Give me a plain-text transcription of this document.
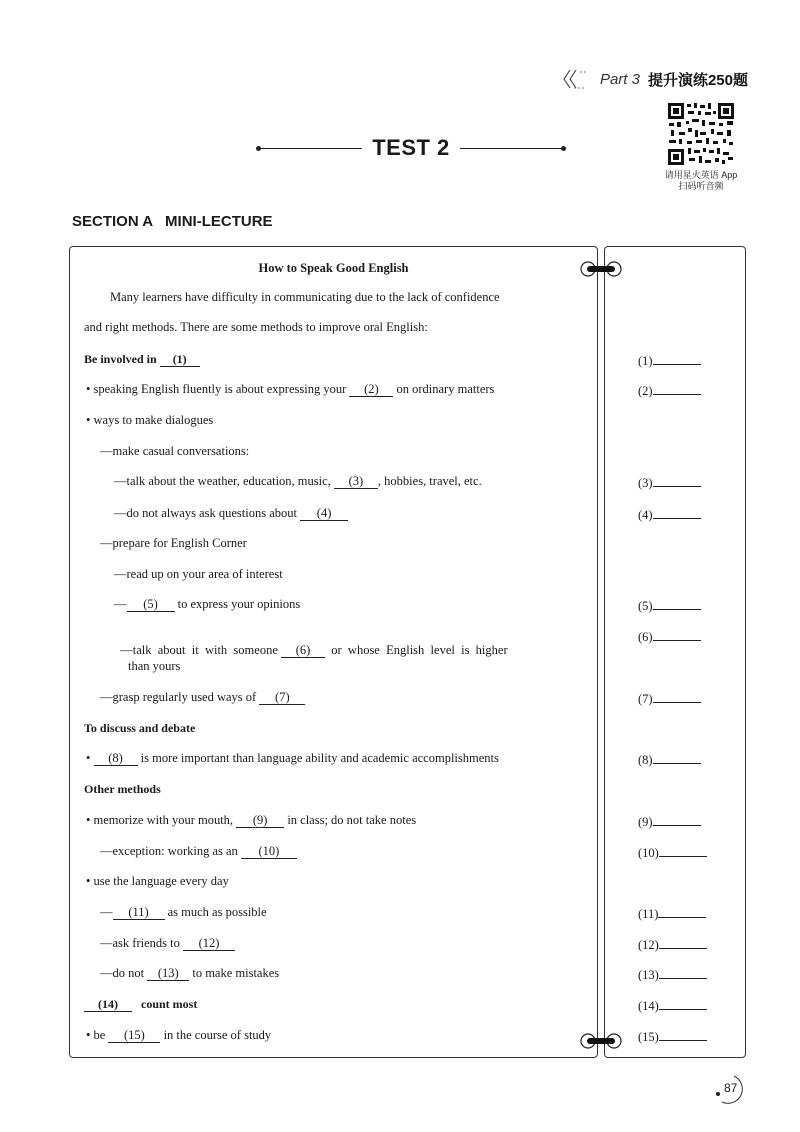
Part 3 提升演练250题
TEST 2
请用星火英语 App
扫码听音频
SECTION A   MINI-LECTURE
How to Speak Good English
Many learners have difficulty in communicating due to the lack of confidence
and right methods. There are some methods to improve oral English:
Be involved in (1)
• speaking English fluently is about expressing your (2) on ordinary matters
• ways to make dialogues
—make casual conversations:
—talk about the weather, education, music, (3) , hobbies, travel, etc.
—do not always ask questions about (4)
—prepare for English Corner
—read up on your area of interest
— (5) to express your opinions

—talk  about  it  with  someone (6)  or  whose  English  level  is  higher

than yours
—grasp regularly used ways of (7)
To discuss and debate
• (8) is more important than language ability and academic accomplishments
Other methods
• memorize with your mouth, (9) in class; do not take notes
—exception: working as an (10)
• use the language every day
— (11) as much as possible
—ask friends to (12)
—do not (13) to make mistakes
(14) count most
• be (15) in the course of study
(1)
(2)
(3)
(4)
(5)
(6)
(7)
(8)
(9)
(10)
(11)
(12)
(13)
(14)
(15)
87
